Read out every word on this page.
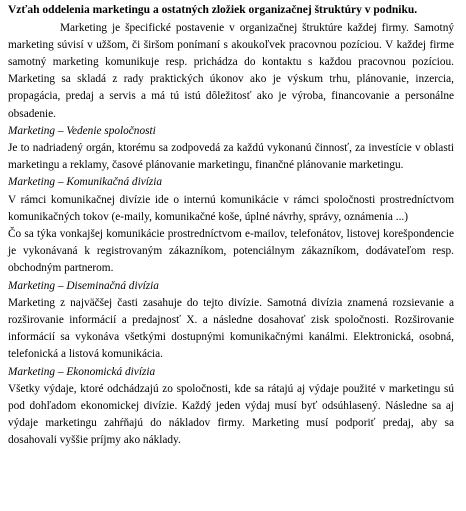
Vzťah oddelenia marketingu a ostatných zložiek organizačnej štruktúry v podniku.

Marketing je špecifické postavenie v organizačnej štruktúre každej firmy. Samotný marketing súvisí v užšom, či širšom ponímaní s akoukoľvek pracovnou pozíciou. V každej firme samotný marketing komunikuje resp. prichádza do kontaktu s každou pracovnou pozíciou. Marketing sa skladá z rady praktických úkonov ako je výskum trhu, plánovanie, inzercia, propagácia, predaj a servis a má tú istú dôležitosť ako je výroba, financovanie a personálne obsadenie.

Marketing – Vedenie spoločnosti

Je to nadriadený orgán, ktorému sa zodpovedá za každú vykonanú činnosť, za investície v oblasti marketingu a reklamy, časové plánovanie marketingu, finančné plánovanie marketingu.

Marketing – Komunikačná divízia

V rámci komunikačnej divízie ide o internú komunikácie v rámci spoločnosti prostredníctvom komunikačných tokov (e-maily, komunikačné koše, úplné návrhy, správy, oznámenia ...)

Čo sa týka vonkajšej komunikácie prostredníctvom e-mailov, telefonátov, listovej korešpondencie je vykonávaná k registrovaným zákazníkom, potenciálnym zákazníkom, dodávateľom resp. obchodným partnerom.

Marketing – Diseminačná divízia

Marketing z najväčšej časti zasahuje do tejto divízie. Samotná divízia znamená rozsievanie a rozširovanie informácií a predajnosť X. a následne dosahovať zisk spoločnosti. Rozširovanie informácií sa vykonáva všetkými dostupnými komunikačnými kanálmi. Elektronická, osobná, telefonická a listová komunikácia.

Marketing – Ekonomická divízia

Všetky výdaje, ktoré odchádzajú zo spoločnosti, kde sa rátajú aj výdaje použité v marketingu sú pod dohľadom ekonomickej divízie. Každý jeden výdaj musí byť odsúhlasený. Následne sa aj výdaje marketingu zahŕňajú do nákladov firmy. Marketing musí podporiť predaj, aby sa dosahovali vyššie príjmy ako náklady.
